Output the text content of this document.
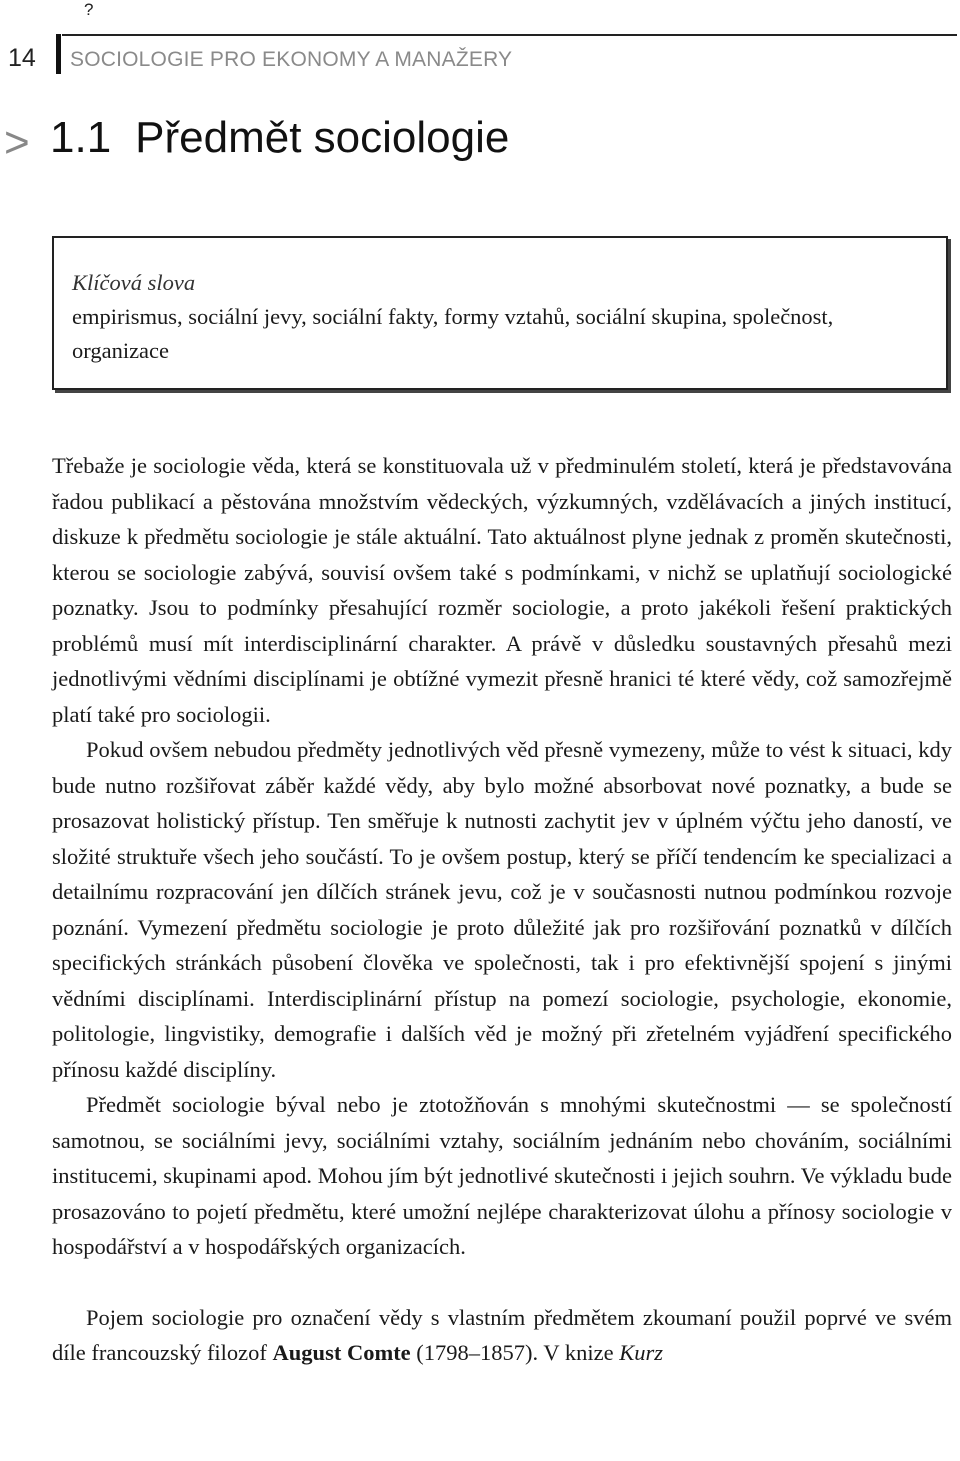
?
14 SOCIOLOGIE PRO EKONOMY A MANAŽERY
> 1.1 Předmět sociologie
Klíčová slova
empirismus, sociální jevy, sociální fakty, formy vztahů, sociální skupina, společnost, organizace

Třebaže je sociologie věda, která se konstituovala už v předminulém století, která je představována řadou publikací a pěstována množstvím vědeckých, výzkumných, vzdělávacích a jiných institucí, diskuze k předmětu sociologie je stále aktuální. Tato aktuálnost plyne jednak z proměn skutečnosti, kterou se sociologie zabývá, souvisí ovšem také s podmínkami, v nichž se uplatňují sociologické poznatky. Jsou to podmínky přesahující rozměr sociologie, a proto jakékoli řešení praktických problémů musí mít interdisciplinární charakter. A právě v důsledku soustavných přesahů mezi jednotlivými vědními disciplínami je obtížné vymezit přesně hranici té které vědy, což samozřejmě platí také pro sociologii.

Pokud ovšem nebudou předměty jednotlivých věd přesně vymezeny, může to vést k situaci, kdy bude nutno rozšiřovat záběr každé vědy, aby bylo možné absorbovat nové poznatky, a bude se prosazovat holistický přístup. Ten směřuje k nutnosti zachytit jev v úplném výčtu jeho daností, ve složité struktuře všech jeho součástí. To je ovšem postup, který se příčí tendencím ke specializaci a detailnímu rozpracování jen dílčích stránek jevu, což je v současnosti nutnou podmínkou rozvoje poznání. Vymezení předmětu sociologie je proto důležité jak pro rozšiřování poznatků v dílčích specifických stránkách působení člověka ve společnosti, tak i pro efektivnější spojení s jinými vědními disciplínami. Interdisciplinární přístup na pomezí sociologie, psychologie, ekonomie, politologie, lingvistiky, demografie i dalších věd je možný při zřetelném vyjádření specifického přínosu každé disciplíny.

Předmět sociologie býval nebo je ztotožňován s mnohými skutečnostmi — se společností samotnou, se sociálními jevy, sociálními vztahy, sociálním jednáním nebo chováním, sociálními institucemi, skupinami apod. Mohou jím být jednotlivé skutečnosti i jejich souhrn. Ve výkladu bude prosazováno to pojetí předmětu, které umožní nejlépe charakterizovat úlohu a přínosy sociologie v hospodářství a v hospodářských organizacích.

Pojem sociologie pro označení vědy s vlastním předmětem zkoumaní použil poprvé ve svém díle francouzský filozof August Comte (1798–1857). V knize Kurz
